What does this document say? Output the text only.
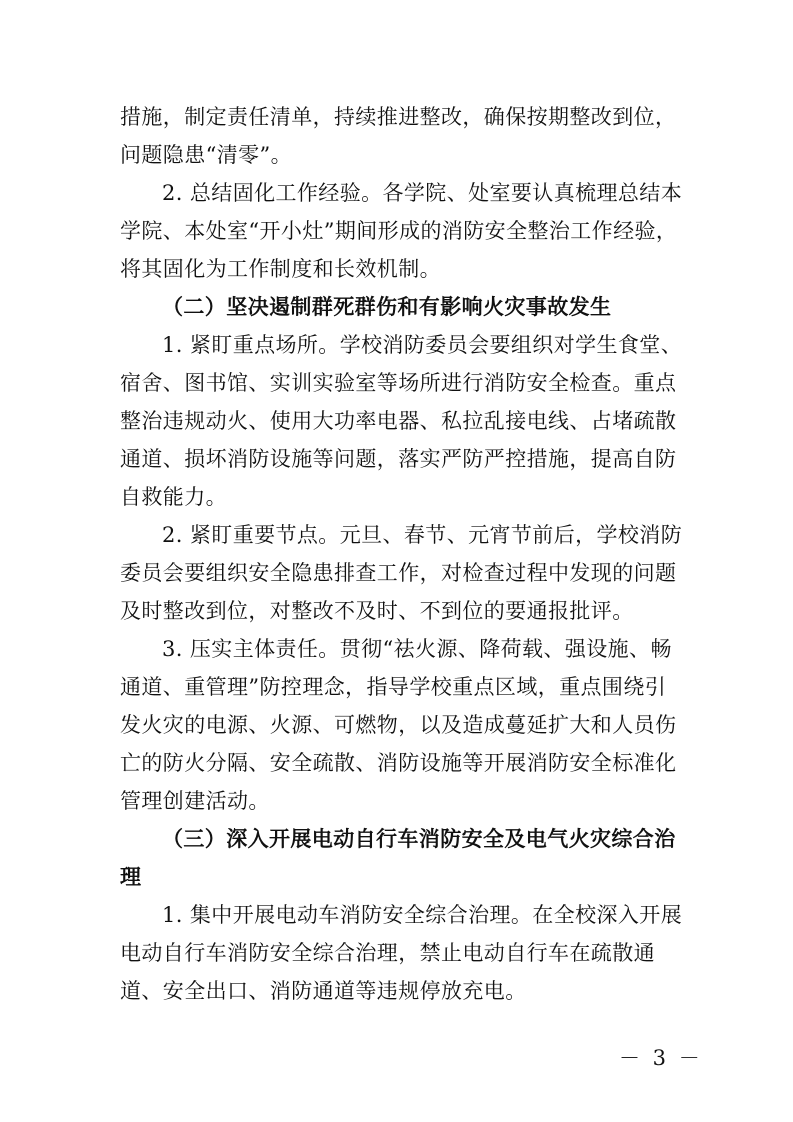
措施，制定责任清单，持续推进整改，确保按期整改到位，
问题隐患“清零”。
2. 总结固化工作经验。各学院、处室要认真梳理总结本
学院、本处室“开小灶”期间形成的消防安全整治工作经验，
将其固化为工作制度和长效机制。
（二）坚决遏制群死群伤和有影响火灾事故发生
1. 紧盯重点场所。学校消防委员会要组织对学生食堂、
宿舍、图书馆、实训实验室等场所进行消防安全检查。重点
整治违规动火、使用大功率电器、私拉乱接电线、占堵疏散
通道、损坏消防设施等问题，落实严防严控措施，提高自防
自救能力。
2. 紧盯重要节点。元旦、春节、元宵节前后，学校消防
委员会要组织安全隐患排查工作，对检查过程中发现的问题
及时整改到位，对整改不及时、不到位的要通报批评。
3. 压实主体责任。贯彻“祛火源、降荷载、强设施、畅
通道、重管理”防控理念，指导学校重点区域，重点围绕引
发火灾的电源、火源、可燃物，以及造成蔓延扩大和人员伤
亡的防火分隔、安全疏散、消防设施等开展消防安全标准化
管理创建活动。
（三）深入开展电动自行车消防安全及电气火灾综合治
理
1. 集中开展电动车消防安全综合治理。在全校深入开展
电动自行车消防安全综合治理，禁止电动自行车在疏散通
道、安全出口、消防通道等违规停放充电。
－ 3 －
